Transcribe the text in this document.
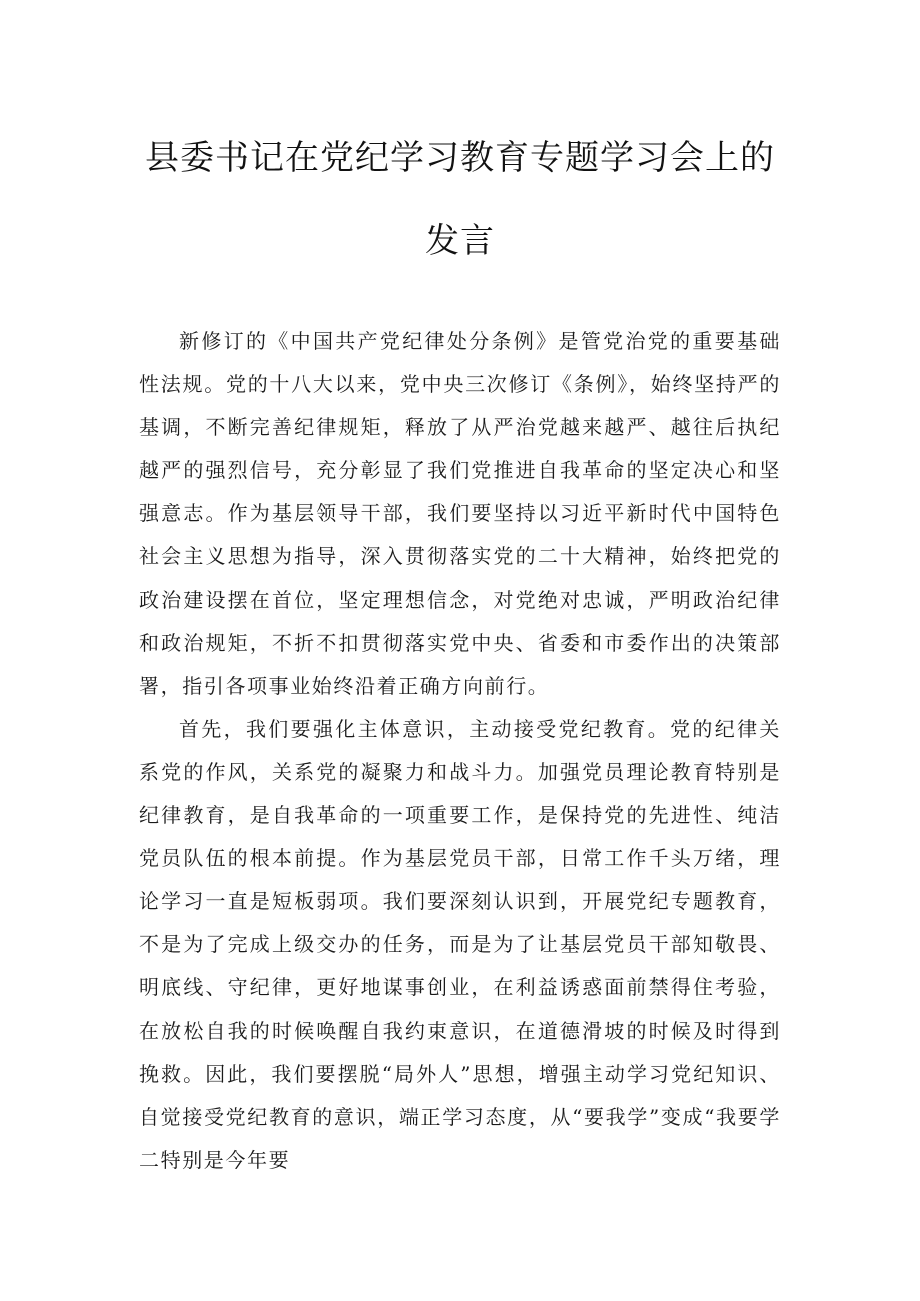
县委书记在党纪学习教育专题学习会上的
发言

新修订的《中国共产党纪律处分条例》是管党治党的重要基础性法规。党的十八大以来，党中央三次修订《条例》，始终坚持严的基调，不断完善纪律规矩，释放了从严治党越来越严、越往后执纪越严的强烈信号，充分彰显了我们党推进自我革命的坚定决心和坚强意志。作为基层领导干部，我们要坚持以习近平新时代中国特色社会主义思想为指导，深入贯彻落实党的二十大精神，始终把党的政治建设摆在首位，坚定理想信念，对党绝对忠诚，严明政治纪律和政治规矩，不折不扣贯彻落实党中央、省委和市委作出的决策部署，指引各项事业始终沿着正确方向前行。

首先，我们要强化主体意识，主动接受党纪教育。党的纪律关系党的作风，关系党的凝聚力和战斗力。加强党员理论教育特别是纪律教育，是自我革命的一项重要工作，是保持党的先进性、纯洁党员队伍的根本前提。作为基层党员干部，日常工作千头万绪，理论学习一直是短板弱项。我们要深刻认识到，开展党纪专题教育，不是为了完成上级交办的任务，而是为了让基层党员干部知敬畏、明底线、守纪律，更好地谋事创业，在利益诱惑面前禁得住考验，在放松自我的时候唤醒自我约束意识，在道德滑坡的时候及时得到挽救。因此，我们要摆脱“局外人”思想，增强主动学习党纪知识、自觉接受党纪教育的意识，端正学习态度，从“要我学”变成“我要学二特别是今年要
